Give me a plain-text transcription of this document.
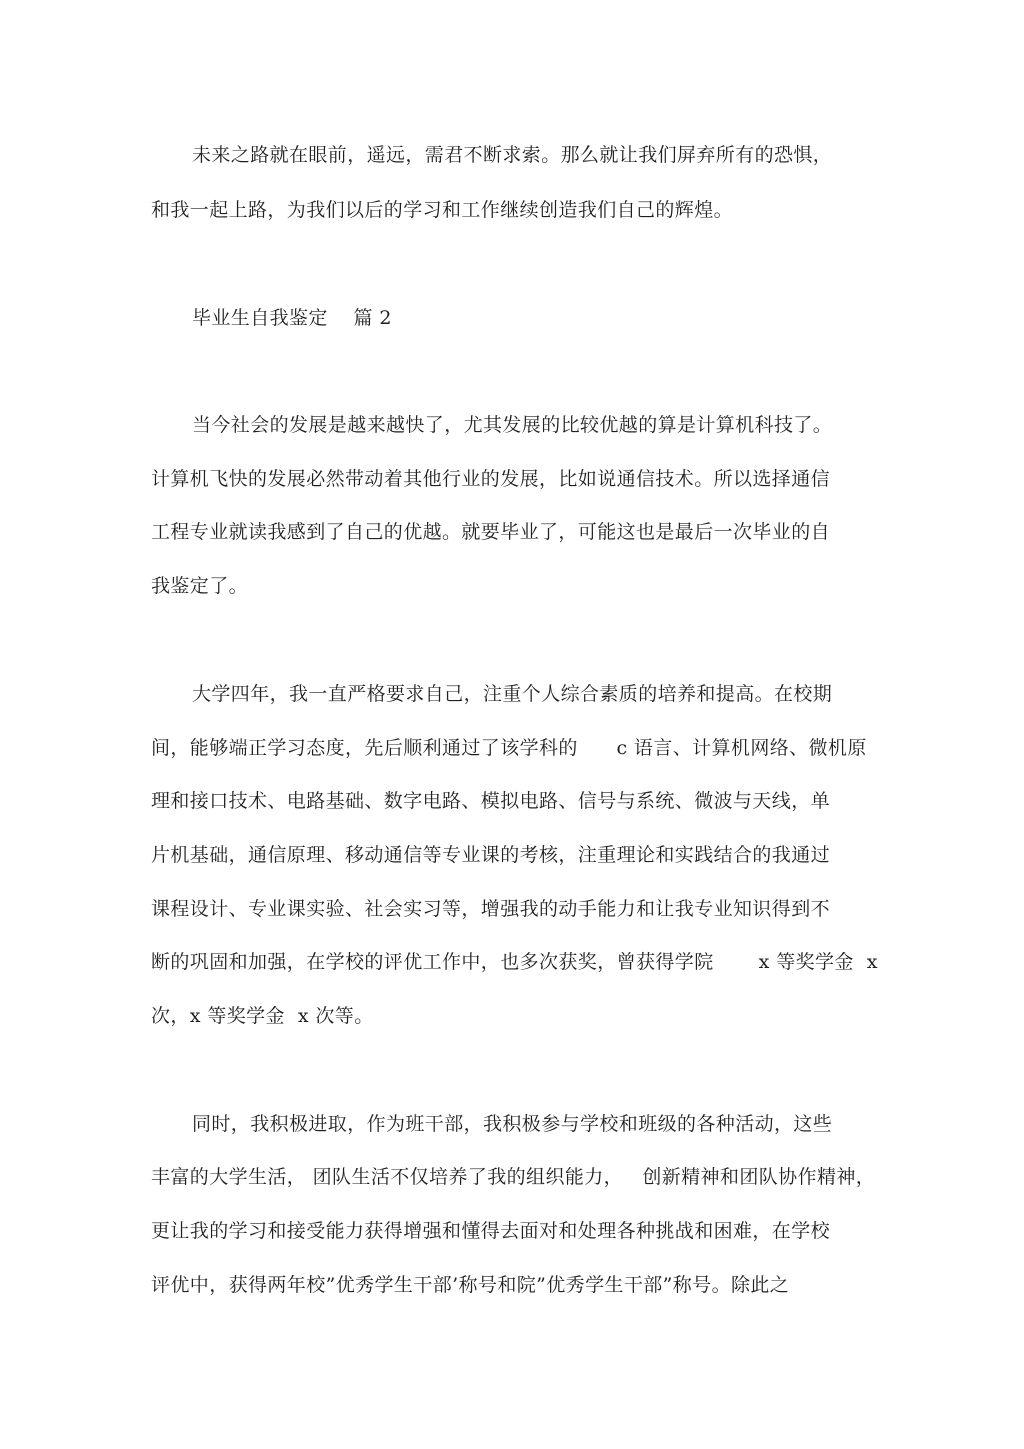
未来之路就在眼前，遥远，需君不断求索。那么就让我们屏弃所有的恐惧，
和我一起上路，为我们以后的学习和工作继续创造我们自己的辉煌。
毕业生自我鉴定    篇 2
当今社会的发展是越来越快了，尤其发展的比较优越的算是计算机科技了。
计算机飞快的发展必然带动着其他行业的发展，比如说通信技术。所以选择通信
工程专业就读我感到了自己的优越。就要毕业了，可能这也是最后一次毕业的自
我鉴定了。
大学四年，我一直严格要求自己，注重个人综合素质的培养和提高。在校期
间，能够端正学习态度，先后顺利通过了该学科的      c 语言、计算机网络、微机原
理和接口技术、电路基础、数字电路、模拟电路、信号与系统、微波与天线，单
片机基础，通信原理、移动通信等专业课的考核，注重理论和实践结合的我通过
课程设计、专业课实验、社会实习等，增强我的动手能力和让我专业知识得到不
断的巩固和加强，在学校的评优工作中，也多次获奖，曾获得学院       x 等奖学金  x
次，x 等奖学金  x 次等。
同时，我积极进取，作为班干部，我积极参与学校和班级的各种活动，这些
丰富的大学生活， 团队生活不仅培养了我的组织能力，   创新精神和团队协作精神，
更让我的学习和接受能力获得增强和懂得去面对和处理各种挑战和困难，在学校
评优中，获得两年校”优秀学生干部’称号和院”优秀学生干部”称号。除此之
